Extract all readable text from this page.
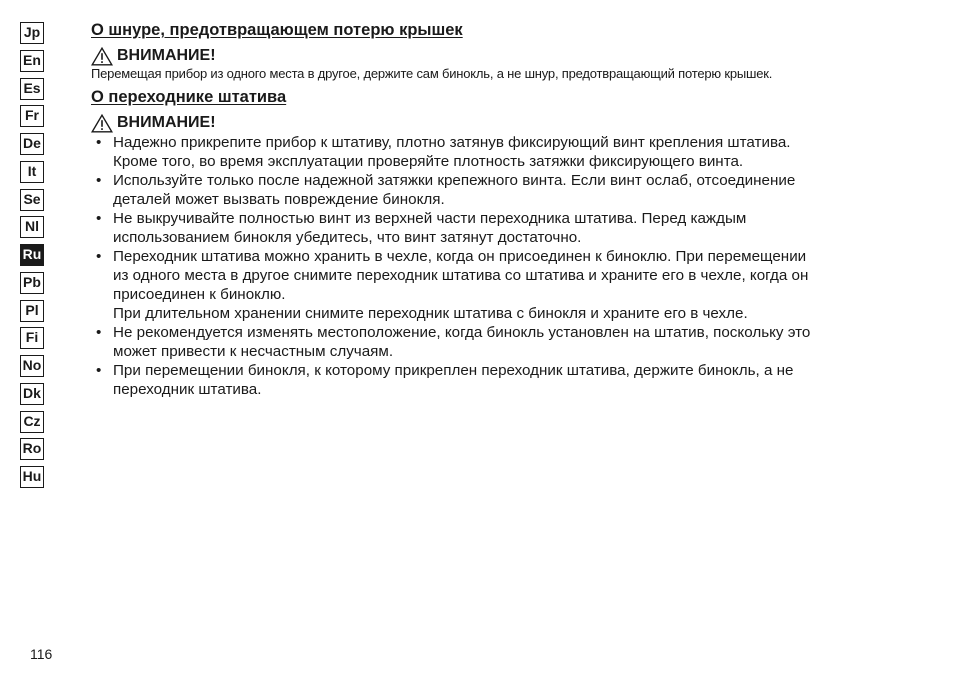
Jp
En
Es
Fr
De
It
Se
Nl
Ru
Pb
Pl
Fi
No
Dk
Cz
Ro
Hu
О шнуре, предотвращающем потерю крышек
ВНИМАНИЕ!
Перемещая прибор из одного места в другое, держите сам бинокль, а не шнур, предотвращающий потерю крышек.
О переходнике штатива
ВНИМАНИЕ!
• Надежно прикрепите прибор к штативу, плотно затянув фиксирующий винт крепления штатива.
Кроме того, во время эксплуатации проверяйте плотность затяжки фиксирующего винта.
• Используйте только после надежной затяжки крепежного винта. Если винт ослаб, отсоединение
деталей может вызвать повреждение бинокля.
• Не выкручивайте полностью винт из верхней части переходника штатива. Перед каждым
использованием бинокля убедитесь, что винт затянут достаточно.
• Переходник штатива можно хранить в чехле, когда он присоединен к биноклю. При перемещении
из одного места в другое снимите переходник штатива со штатива и храните его в чехле, когда он
присоединен к биноклю.
При длительном хранении снимите переходник штатива с бинокля и храните его в чехле.
• Не рекомендуется изменять местоположение, когда бинокль установлен на штатив, поскольку это
может привести к несчастным случаям.
• При перемещении бинокля, к которому прикреплен переходник штатива, держите бинокль, а не
переходник штатива.
116
